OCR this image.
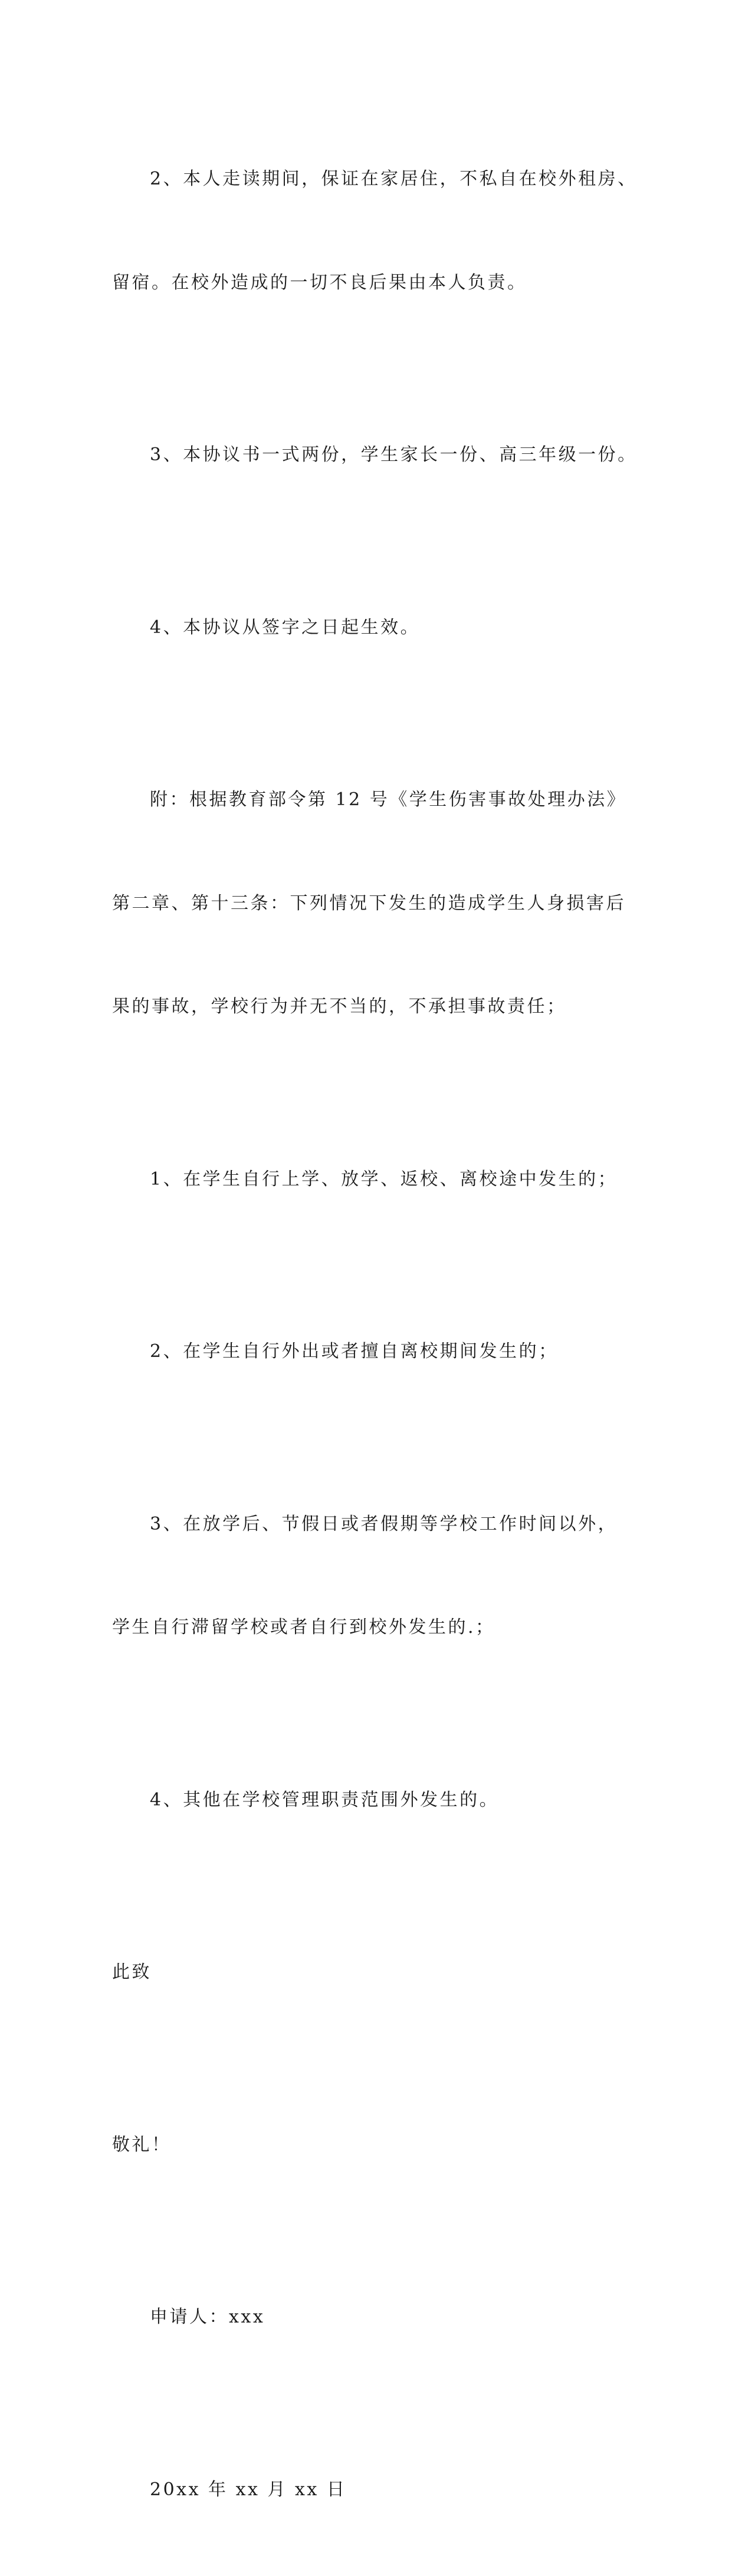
2、本人走读期间，保证在家居住，不私自在校外租房、

留宿。在校外造成的一切不良后果由本人负责。

3、本协议书一式两份，学生家长一份、高三年级一份。

4、本协议从签字之日起生效。

附：根据教育部令第 12 号《学生伤害事故处理办法》

第二章、第十三条：下列情况下发生的造成学生人身损害后

果的事故，学校行为并无不当的，不承担事故责任；

1、在学生自行上学、放学、返校、离校途中发生的；

2、在学生自行外出或者擅自离校期间发生的；

3、在放学后、节假日或者假期等学校工作时间以外，

学生自行滞留学校或者自行到校外发生的.；

4、其他在学校管理职责范围外发生的。

此致

敬礼！

申请人：xxx

20xx 年 xx 月 xx 日
